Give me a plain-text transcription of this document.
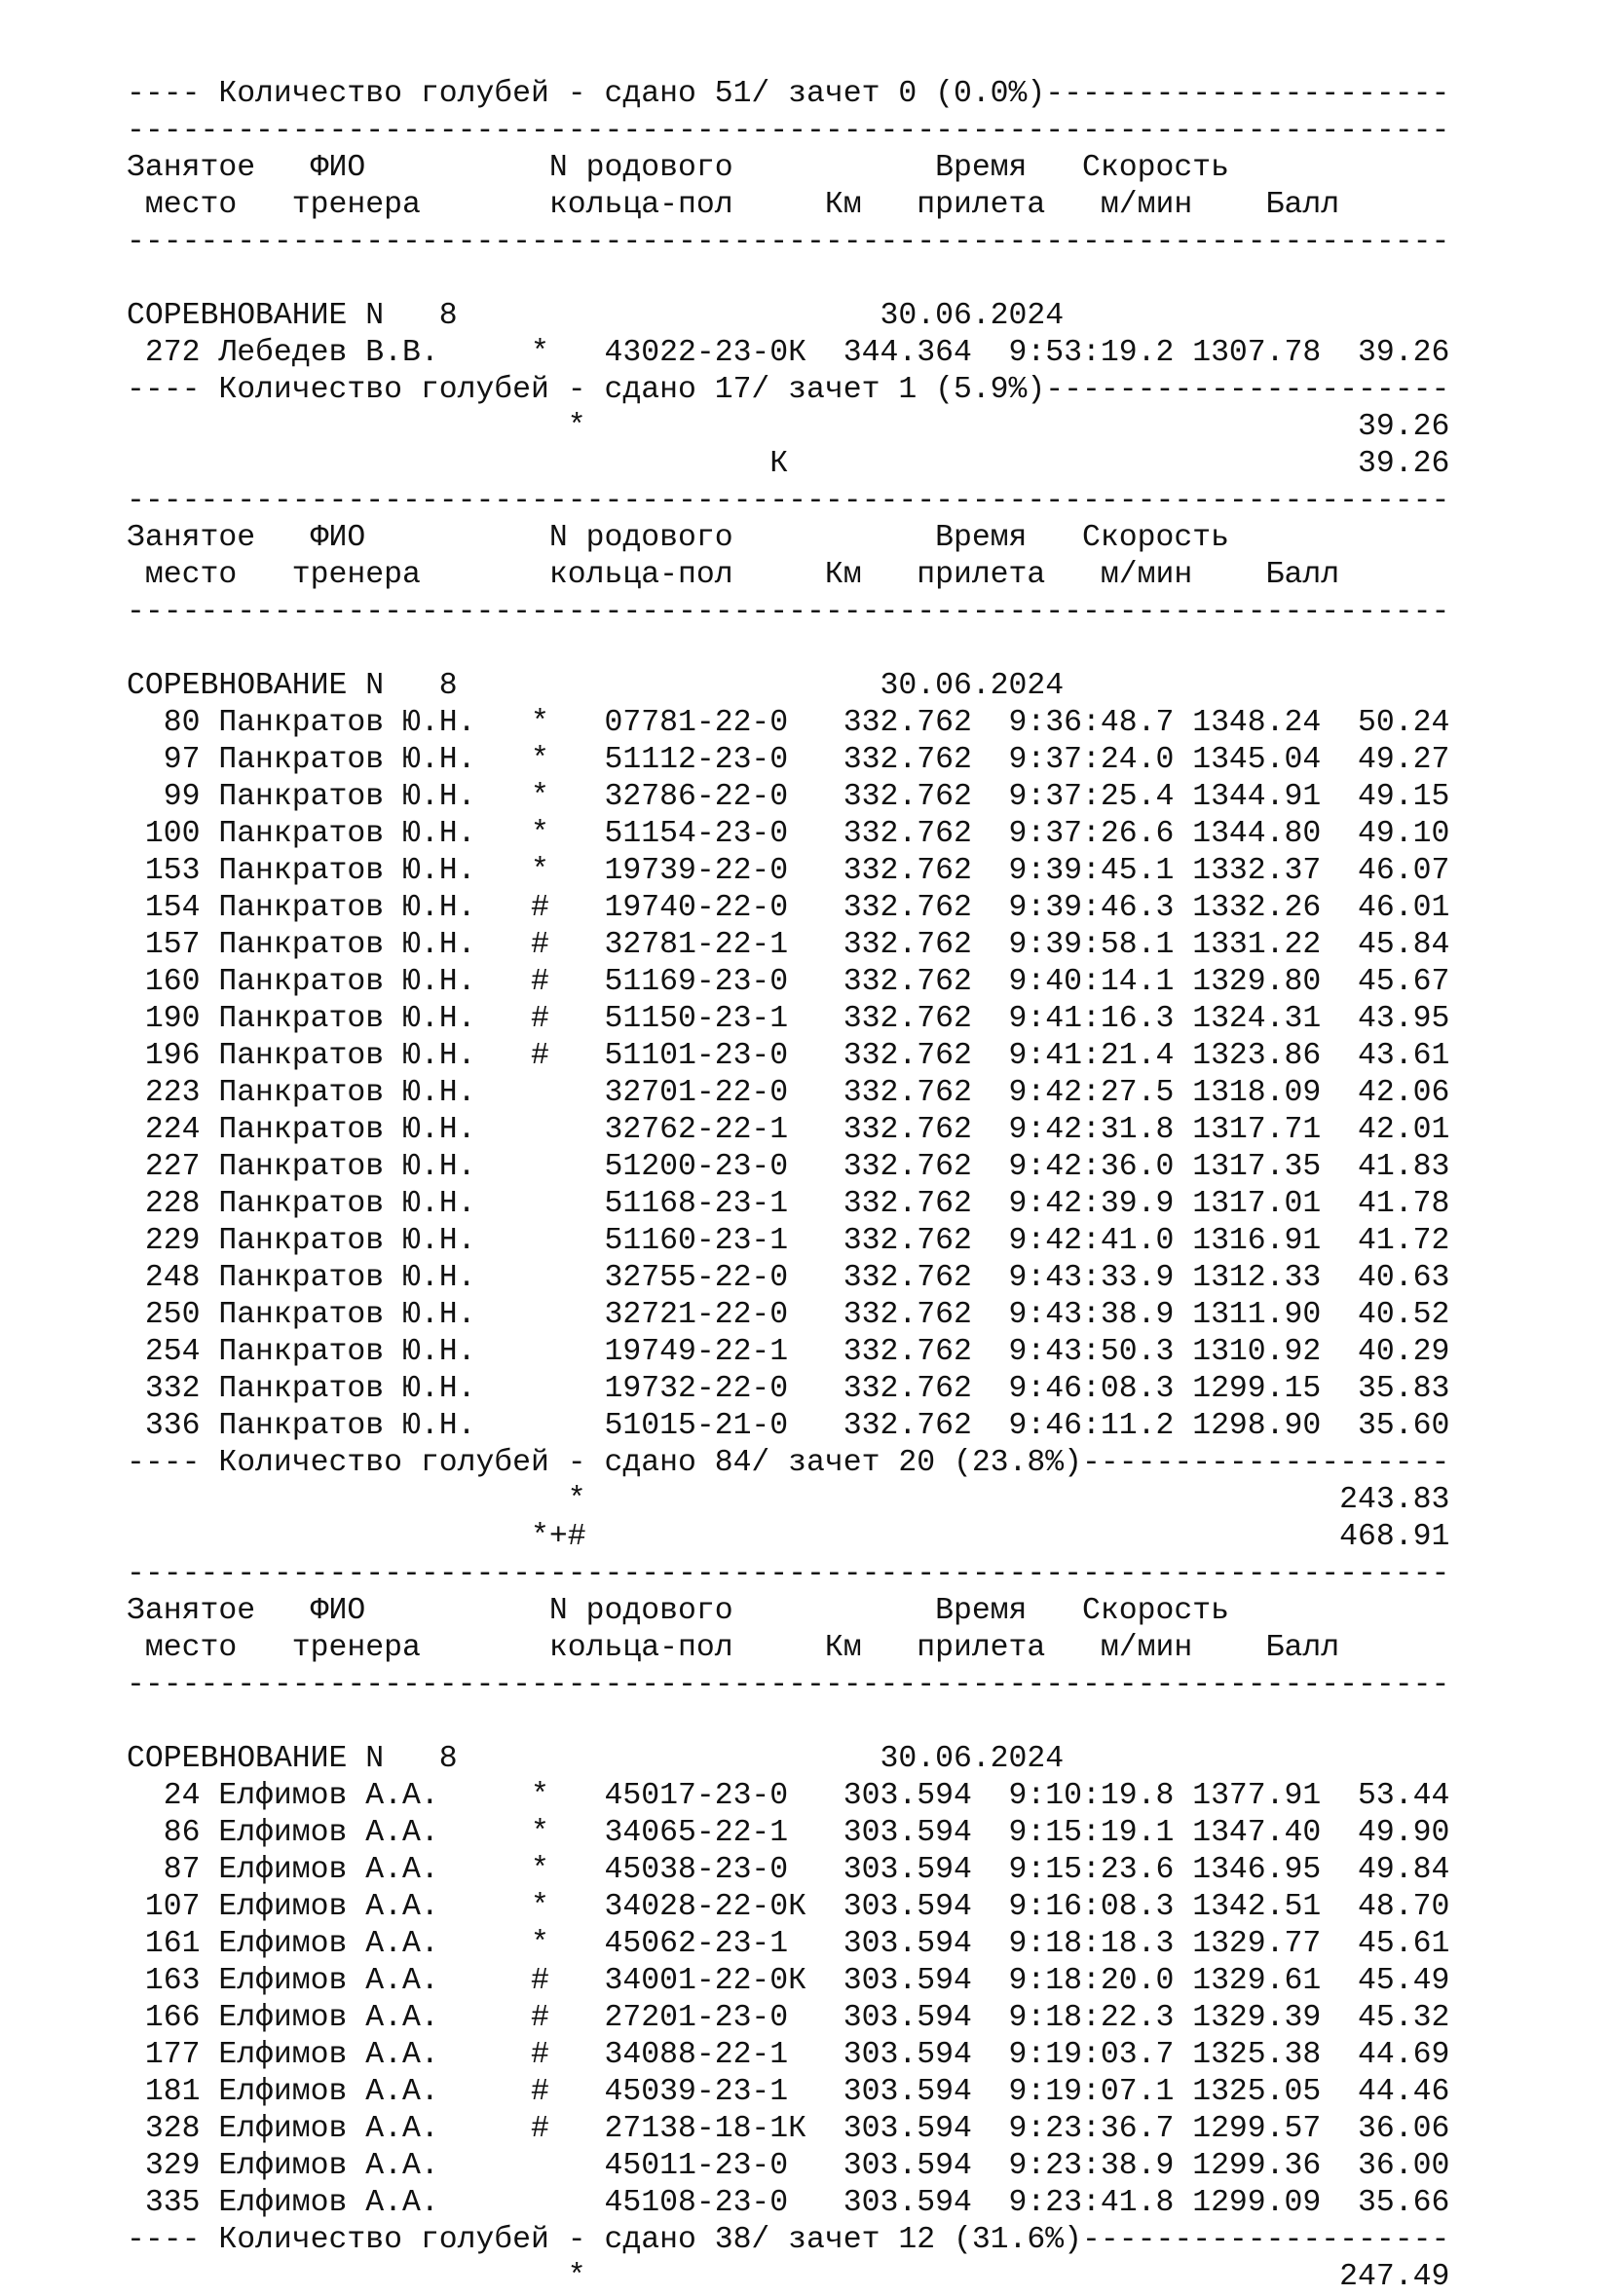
---- Количество голубей - сдано 51/ зачет 0 (0.0%)----------------------
------------------------------------------------------------------------
Занятое   ФИО          N родового           Время   Скорость
место   тренера       кольца-пол     Км   прилета   м/мин    Балл
------------------------------------------------------------------------
СОРЕВНОВАНИЕ N   8                       30.06.2024
272 Лебедев В.В.     *   43022-23-0К  344.364  9:53:19.2 1307.78  39.26
---- Количество голубей - сдано 17/ зачет 1 (5.9%)----------------------
*                                          39.26
К                               39.26
------------------------------------------------------------------------
Занятое   ФИО          N родового           Время   Скорость
место   тренера       кольца-пол     Км   прилета   м/мин    Балл
------------------------------------------------------------------------
СОРЕВНОВАНИЕ N   8                       30.06.2024
80 Панкратов Ю.Н.   *   07781-22-0   332.762  9:36:48.7 1348.24  50.24
97 Панкратов Ю.Н.   *   51112-23-0   332.762  9:37:24.0 1345.04  49.27
99 Панкратов Ю.Н.   *   32786-22-0   332.762  9:37:25.4 1344.91  49.15
100 Панкратов Ю.Н.   *   51154-23-0   332.762  9:37:26.6 1344.80  49.10
153 Панкратов Ю.Н.   *   19739-22-0   332.762  9:39:45.1 1332.37  46.07
154 Панкратов Ю.Н.   #   19740-22-0   332.762  9:39:46.3 1332.26  46.01
157 Панкратов Ю.Н.   #   32781-22-1   332.762  9:39:58.1 1331.22  45.84
160 Панкратов Ю.Н.   #   51169-23-0   332.762  9:40:14.1 1329.80  45.67
190 Панкратов Ю.Н.   #   51150-23-1   332.762  9:41:16.3 1324.31  43.95
196 Панкратов Ю.Н.   #   51101-23-0   332.762  9:41:21.4 1323.86  43.61
223 Панкратов Ю.Н.       32701-22-0   332.762  9:42:27.5 1318.09  42.06
224 Панкратов Ю.Н.       32762-22-1   332.762  9:42:31.8 1317.71  42.01
227 Панкратов Ю.Н.       51200-23-0   332.762  9:42:36.0 1317.35  41.83
228 Панкратов Ю.Н.       51168-23-1   332.762  9:42:39.9 1317.01  41.78
229 Панкратов Ю.Н.       51160-23-1   332.762  9:42:41.0 1316.91  41.72
248 Панкратов Ю.Н.       32755-22-0   332.762  9:43:33.9 1312.33  40.63
250 Панкратов Ю.Н.       32721-22-0   332.762  9:43:38.9 1311.90  40.52
254 Панкратов Ю.Н.       19749-22-1   332.762  9:43:50.3 1310.92  40.29
332 Панкратов Ю.Н.       19732-22-0   332.762  9:46:08.3 1299.15  35.83
336 Панкратов Ю.Н.       51015-21-0   332.762  9:46:11.2 1298.90  35.60
---- Количество голубей - сдано 84/ зачет 20 (23.8%)--------------------
*                                         243.83
*+#                                         468.91
------------------------------------------------------------------------
Занятое   ФИО          N родового           Время   Скорость
место   тренера       кольца-пол     Км   прилета   м/мин    Балл
------------------------------------------------------------------------
СОРЕВНОВАНИЕ N   8                       30.06.2024
24 Елфимов А.А.     *   45017-23-0   303.594  9:10:19.8 1377.91  53.44
86 Елфимов А.А.     *   34065-22-1   303.594  9:15:19.1 1347.40  49.90
87 Елфимов А.А.     *   45038-23-0   303.594  9:15:23.6 1346.95  49.84
107 Елфимов А.А.     *   34028-22-0К  303.594  9:16:08.3 1342.51  48.70
161 Елфимов А.А.     *   45062-23-1   303.594  9:18:18.3 1329.77  45.61
163 Елфимов А.А.     #   34001-22-0К  303.594  9:18:20.0 1329.61  45.49
166 Елфимов А.А.     #   27201-23-0   303.594  9:18:22.3 1329.39  45.32
177 Елфимов А.А.     #   34088-22-1   303.594  9:19:03.7 1325.38  44.69
181 Елфимов А.А.     #   45039-23-1   303.594  9:19:07.1 1325.05  44.46
328 Елфимов А.А.     #   27138-18-1К  303.594  9:23:36.7 1299.57  36.06
329 Елфимов А.А.         45011-23-0   303.594  9:23:38.9 1299.36  36.00
335 Елфимов А.А.         45108-23-0   303.594  9:23:41.8 1299.09  35.66
---- Количество голубей - сдано 38/ зачет 12 (31.6%)--------------------
*                                         247.49
